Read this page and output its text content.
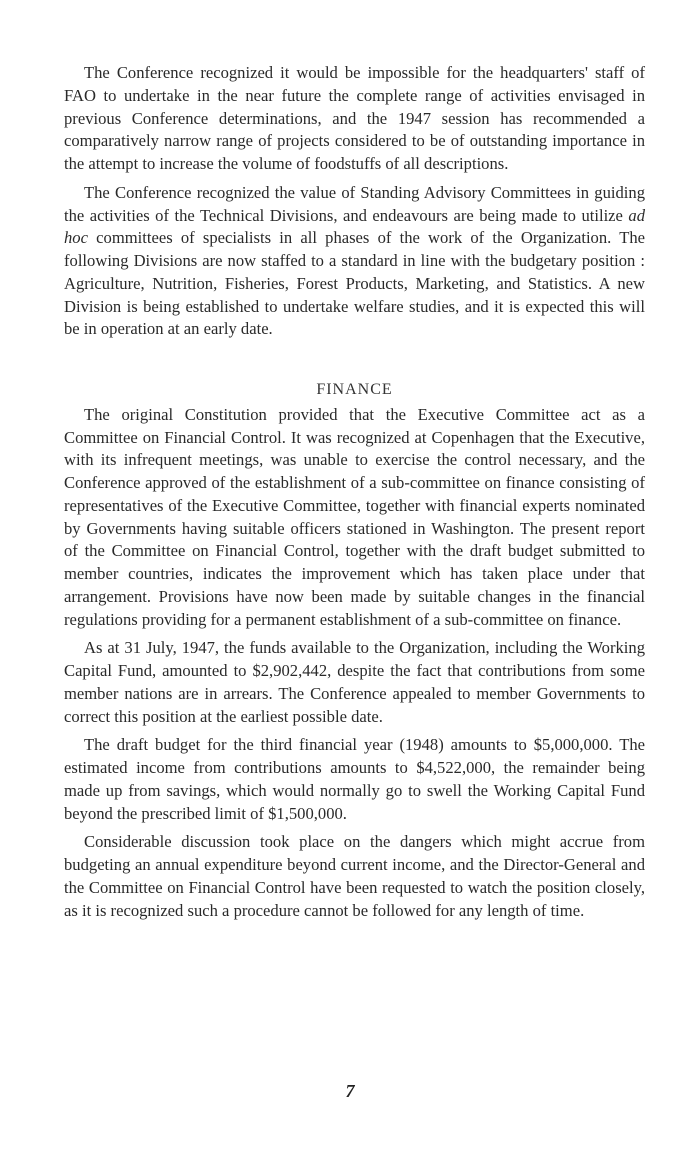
The Conference recognized it would be impossible for the headquarters' staff of FAO to undertake in the near future the complete range of activities envisaged in previous Conference determinations, and the 1947 session has recommended a comparatively narrow range of projects considered to be of outstanding importance in the attempt to increase the volume of foodstuffs of all descriptions.

The Conference recognized the value of Standing Advisory Committees in guiding the activities of the Technical Divisions, and endeavours are being made to utilize ad hoc committees of specialists in all phases of the work of the Organization. The following Divisions are now staffed to a standard in line with the budgetary position : Agriculture, Nutrition, Fisheries, Forest Products, Marketing, and Statistics. A new Division is being established to undertake welfare studies, and it is expected this will be in operation at an early date.

FINANCE

The original Constitution provided that the Executive Committee act as a Committee on Financial Control. It was recognized at Copenhagen that the Executive, with its infrequent meetings, was unable to exercise the control necessary, and the Conference approved of the establishment of a sub-committee on finance consisting of representatives of the Executive Committee, together with financial experts nominated by Governments having suitable officers stationed in Washington. The present report of the Committee on Financial Control, together with the draft budget submitted to member countries, indicates the improvement which has taken place under that arrangement. Provisions have now been made by suitable changes in the financial regulations providing for a permanent establishment of a sub-committee on finance.

As at 31 July, 1947, the funds available to the Organization, including the Working Capital Fund, amounted to $2,902,442, despite the fact that contributions from some member nations are in arrears. The Conference appealed to member Governments to correct this position at the earliest possible date.

The draft budget for the third financial year (1948) amounts to $5,000,000. The estimated income from contributions amounts to $4,522,000, the remainder being made up from savings, which would normally go to swell the Working Capital Fund beyond the prescribed limit of $1,500,000.

Considerable discussion took place on the dangers which might accrue from budgeting an annual expenditure beyond current income, and the Director-General and the Committee on Financial Control have been requested to watch the position closely, as it is recognized such a procedure cannot be followed for any length of time.

7
